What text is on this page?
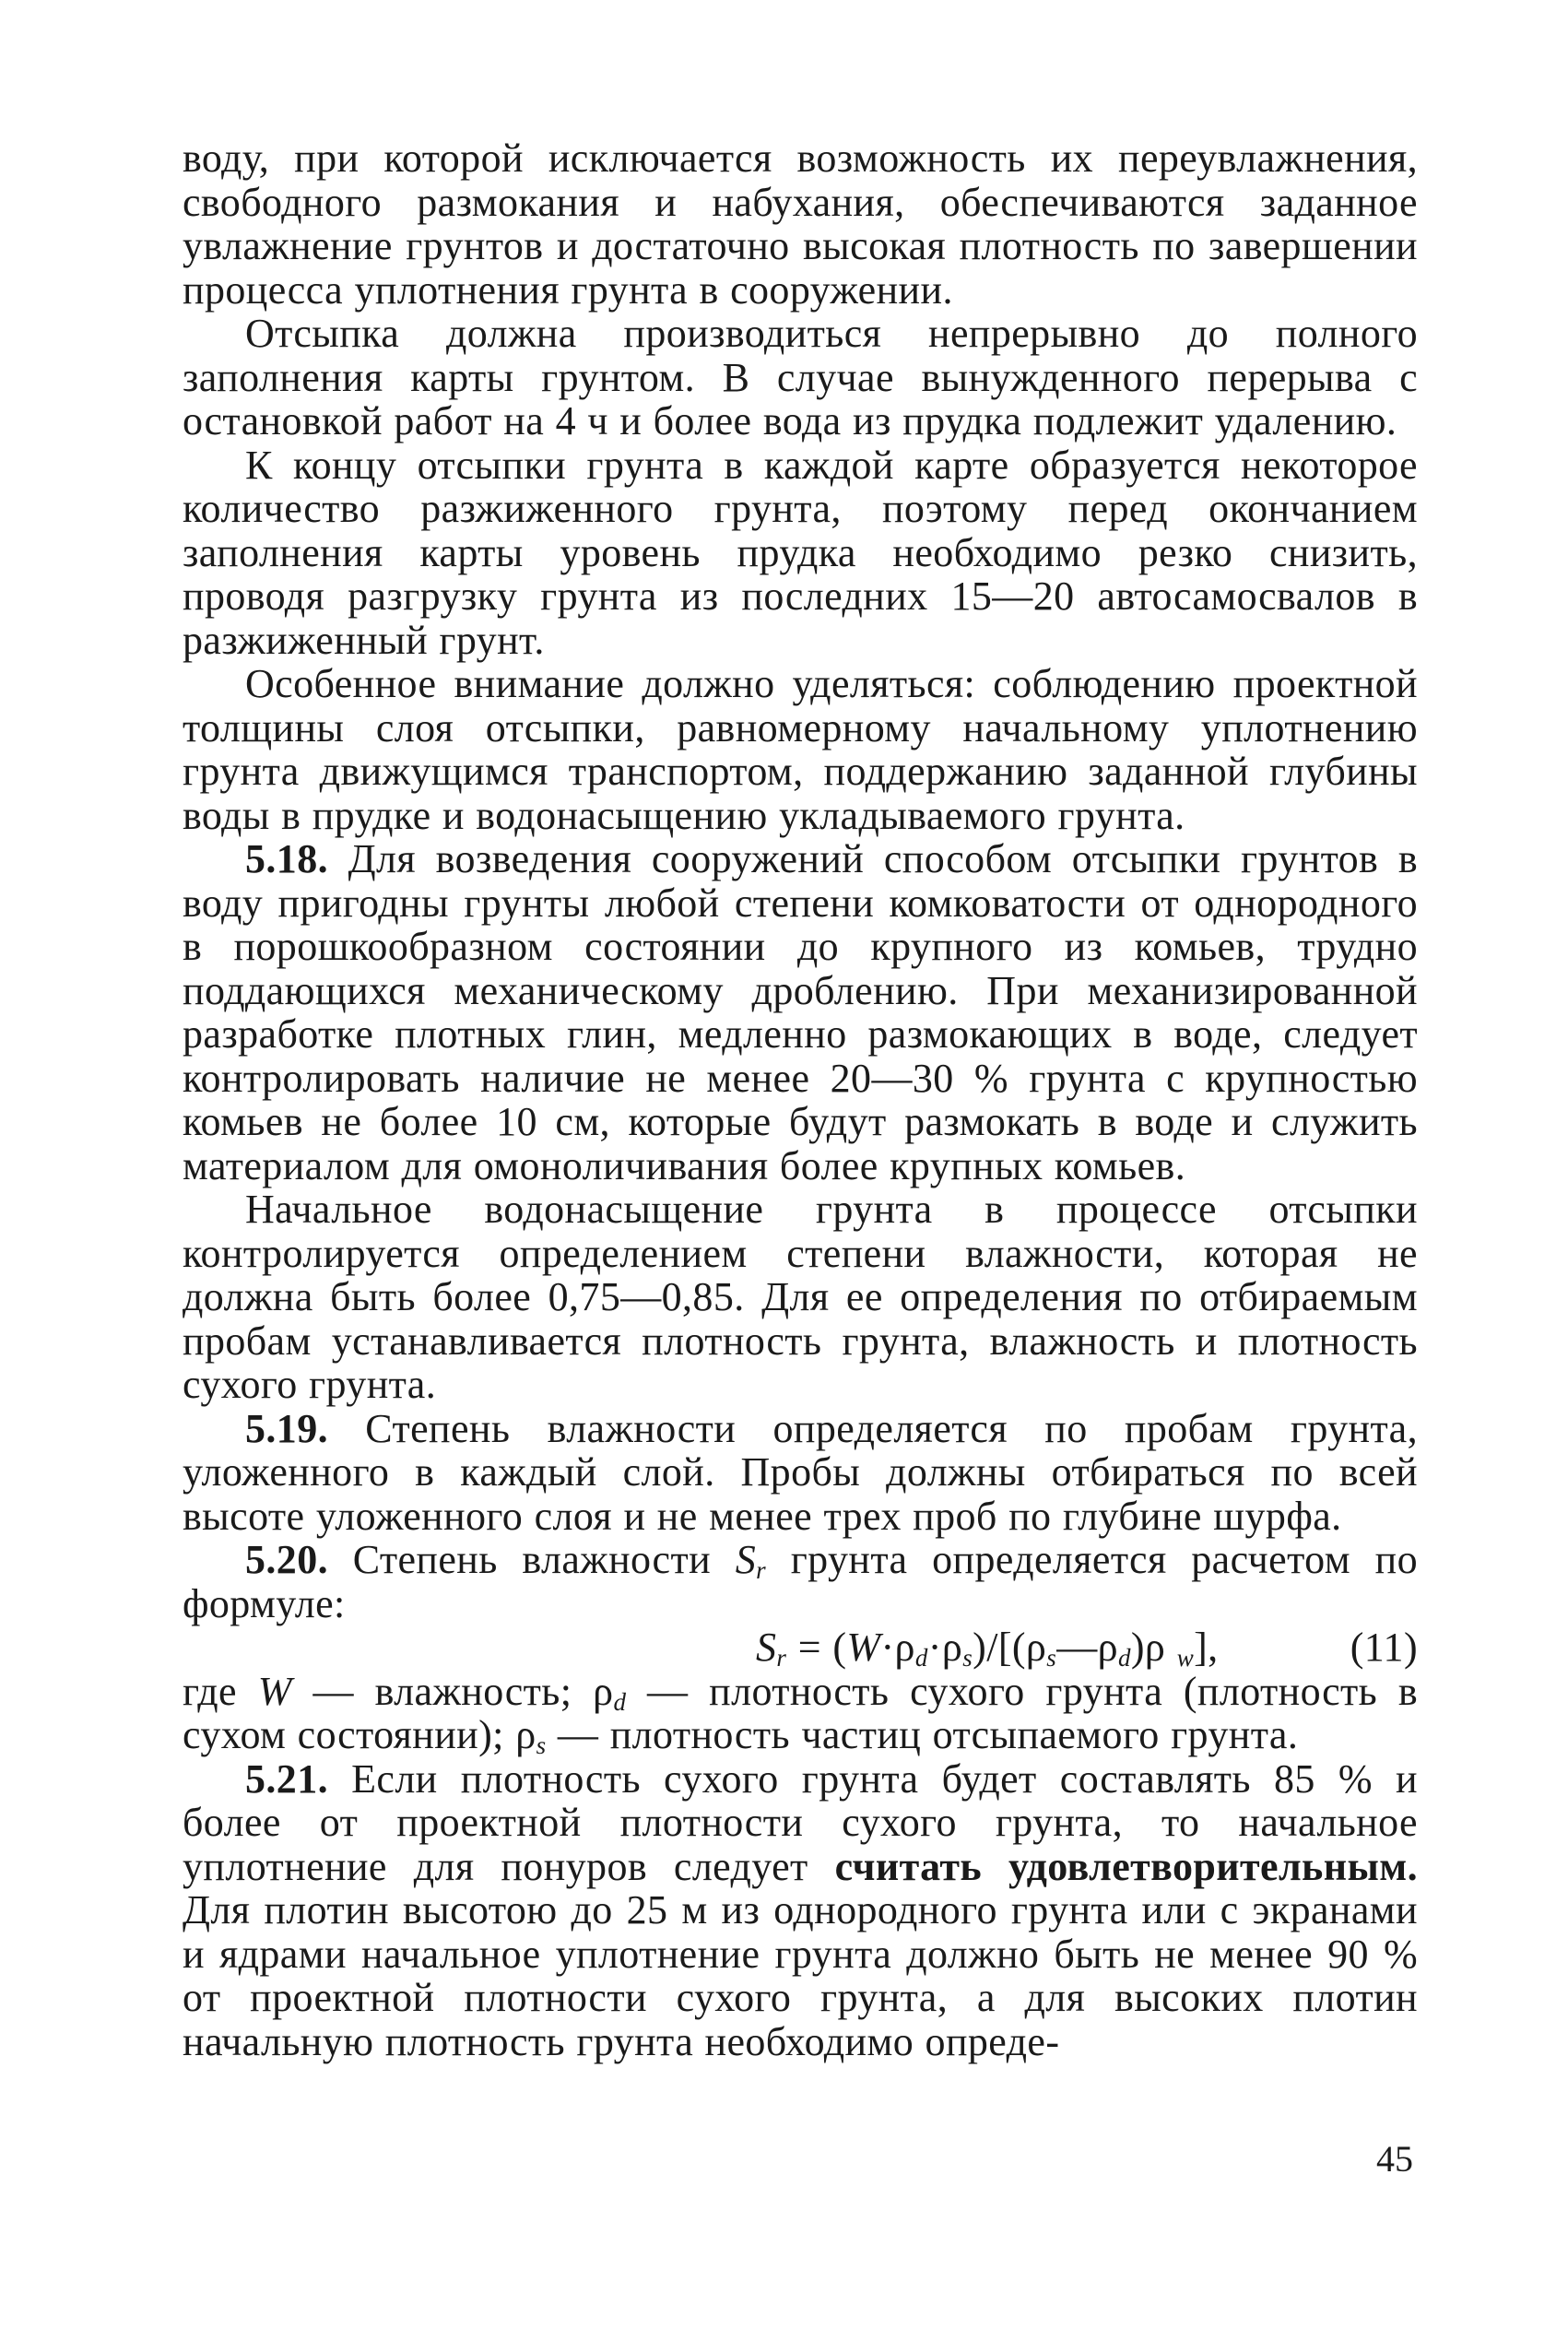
воду, при которой исключается возможность их переувлажнения, свободного размокания и набухания, обеспечиваются заданное увлажнение грунтов и достаточно высокая плотность по завершении процесса уплотнения грунта в сооружении.

Отсыпка должна производиться непрерывно до полного заполнения карты грунтом. В случае вынужденного перерыва с остановкой работ на 4 ч и более вода из прудка подлежит удалению.

К концу отсыпки грунта в каждой карте образуется некоторое количество разжиженного грунта, поэтому перед окончанием заполнения карты уровень прудка необходимо резко снизить, проводя разгрузку грунта из последних 15—20 автосамосвалов в разжиженный грунт.

Особенное внимание должно уделяться: соблюдению проектной толщины слоя отсыпки, равномерному начальному уплотнению грунта движущимся транспортом, поддержанию заданной глубины воды в прудке и водонасыщению укладываемого грунта.

5.18. Для возведения сооружений способом отсыпки грунтов в воду пригодны грунты любой степени комковатости от однородного в порошкообразном состоянии до крупного из комьев, трудно поддающихся механическому дроблению. При механизированной разработке плотных глин, медленно размокающих в воде, следует контролировать наличие не менее 20—30 % грунта с крупностью комьев не более 10 см, которые будут размокать в воде и служить материалом для омоноличивания более крупных комьев.

Начальное водонасыщение грунта в процессе отсыпки контролируется определением степени влажности, которая не должна быть более 0,75—0,85. Для ее определения по отбираемым пробам устанавливается плотность грунта, влажность и плотность сухого грунта.

5.19. Степень влажности определяется по пробам грунта, уложенного в каждый слой. Пробы должны отбираться по всей высоте уложенного слоя и не менее трех проб по глубине шурфа.

5.20. Степень влажности $S_r$ грунта определяется расчетом по формуле:

$S_r$ = $(W\cdot\rho_d\cdot\rho_s)/[(\rho_s—\rho_d)\rho$ $_w$],	(11)

где W — влажность; $\rho_d$ — плотность сухого грунта (плотность в сухом состоянии); $\rho_s$ — плотность частиц отсыпаемого грунта.

5.21. Если плотность сухого грунта будет составлять 85 % и более от проектной плотности сухого грунта, то начальное уплотнение для понуров следует считать удовлетворительным. Для плотин высотою до 25 м из однородного грунта или с экранами и ядрами начальное уплотнение грунта должно быть не менее 90 % от проектной плотности сухого грунта, а для высоких плотин начальную плотность грунта необходимо опреде-

45
